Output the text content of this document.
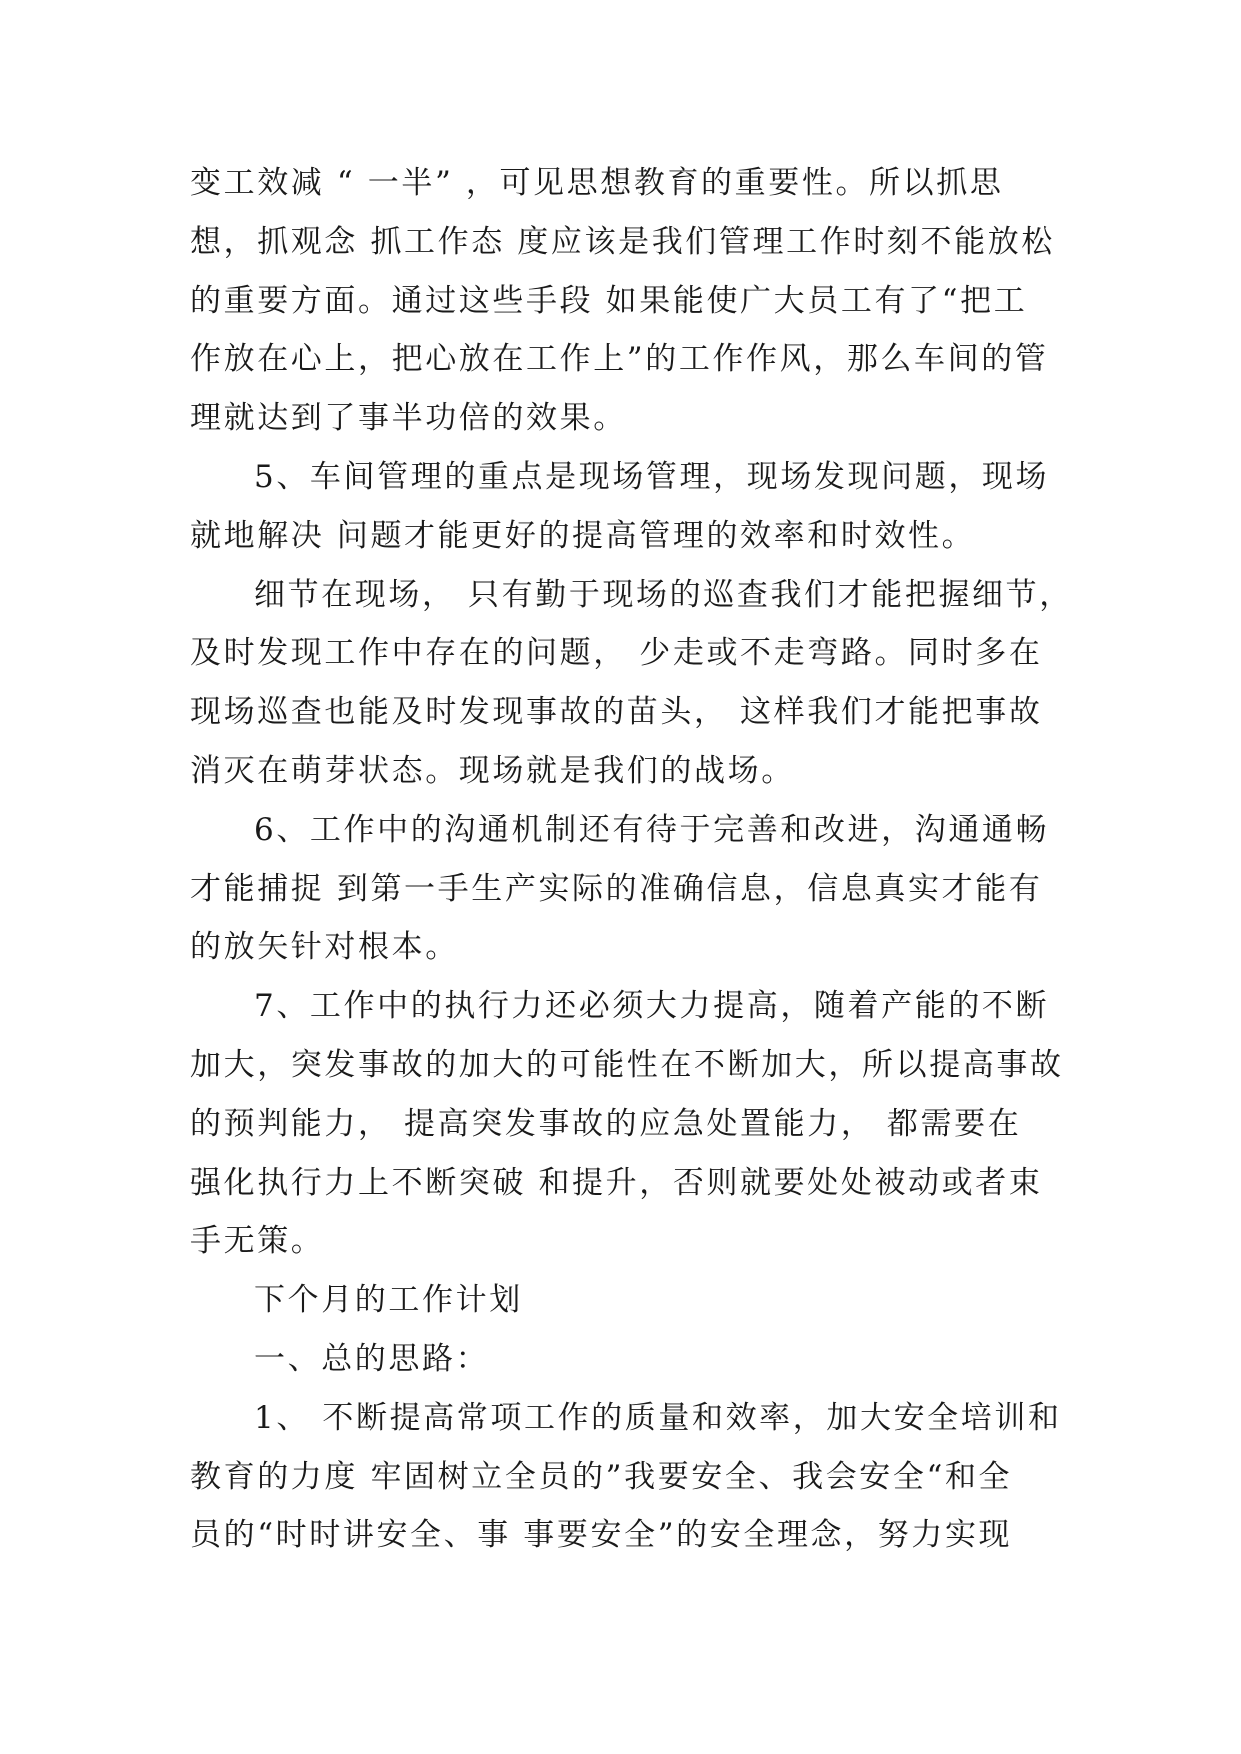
变工效减 “ 一半” ，可见思想教育的重要性。所以抓思
想，抓观念 抓工作态 度应该是我们管理工作时刻不能放松
的重要方面。通过这些手段 如果能使广大员工有了“把工
作放在心上，把心放在工作上”的工作作风，那么车间的管
理就达到了事半功倍的效果。
5、车间管理的重点是现场管理，现场发现问题，现场
就地解决 问题才能更好的提高管理的效率和时效性。
细节在现场， 只有勤于现场的巡查我们才能把握细节，
及时发现工作中存在的问题， 少走或不走弯路。同时多在
现场巡查也能及时发现事故的苗头， 这样我们才能把事故
消灭在萌芽状态。现场就是我们的战场。
6、工作中的沟通机制还有待于完善和改进，沟通通畅
才能捕捉 到第一手生产实际的准确信息，信息真实才能有
的放矢针对根本。
7、工作中的执行力还必须大力提高，随着产能的不断
加大，突发事故的加大的可能性在不断加大，所以提高事故
的预判能力， 提高突发事故的应急处置能力， 都需要在
强化执行力上不断突破 和提升，否则就要处处被动或者束
手无策。
下个月的工作计划
一、总的思路：
1、 不断提高常项工作的质量和效率，加大安全培训和
教育的力度 牢固树立全员的”我要安全、我会安全“和全
员的“时时讲安全、事 事要安全”的安全理念，努力实现
